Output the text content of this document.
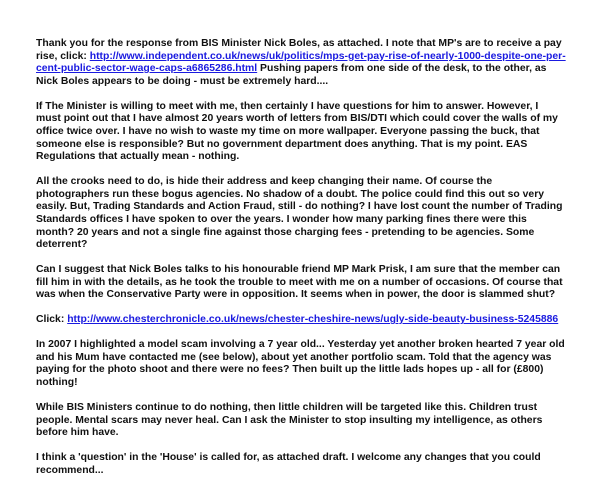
Thank you for the response from BIS Minister Nick Boles, as attached. I note that MP's are to receive a pay rise, click: http://www.independent.co.uk/news/uk/politics/mps-get-pay-rise-of-nearly-1000-despite-one-per-cent-public-sector-wage-caps-a6865286.html Pushing papers from one side of the desk, to the other, as Nick Boles appears to be doing - must be extremely hard....

If The Minister is willing to meet with me, then certainly I have questions for him to answer. However, I must point out that I have almost 20 years worth of letters from BIS/DTI which could cover the walls of my office twice over. I have no wish to waste my time on more wallpaper. Everyone passing the buck, that someone else is responsible? But no government department does anything. That is my point. EAS Regulations that actually mean - nothing.

All the crooks need to do, is hide their address and keep changing their name. Of course the photographers run these bogus agencies. No shadow of a doubt. The police could find this out so very easily. But, Trading Standards and Action Fraud, still - do nothing? I have lost count the number of Trading Standards offices I have spoken to over the years. I wonder how many parking fines there were this month? 20 years and not a single fine against those charging fees - pretending to be agencies. Some deterrent?

Can I suggest that Nick Boles talks to his honourable friend MP Mark Prisk, I am sure that the member can fill him in with the details, as he took the trouble to meet with me on a number of occasions. Of course that was when the Conservative Party were in opposition. It seems when in power, the door is slammed shut?

Click: http://www.chesterchronicle.co.uk/news/chester-cheshire-news/ugly-side-beauty-business-5245886

In 2007 I highlighted a model scam involving a 7 year old... Yesterday yet another broken hearted 7 year old and his Mum have contacted me (see below), about yet another portfolio scam. Told that the agency was paying for the photo shoot and there were no fees? Then built up the little lads hopes up - all for (£800) nothing!

While BIS Ministers continue to do nothing, then little children will be targeted like this. Children trust people. Mental scars may never heal. Can I ask the Minister to stop insulting my intelligence, as others before him have.

I think a 'question' in the 'House' is called for, as attached draft. I welcome any changes that you could recommend...
